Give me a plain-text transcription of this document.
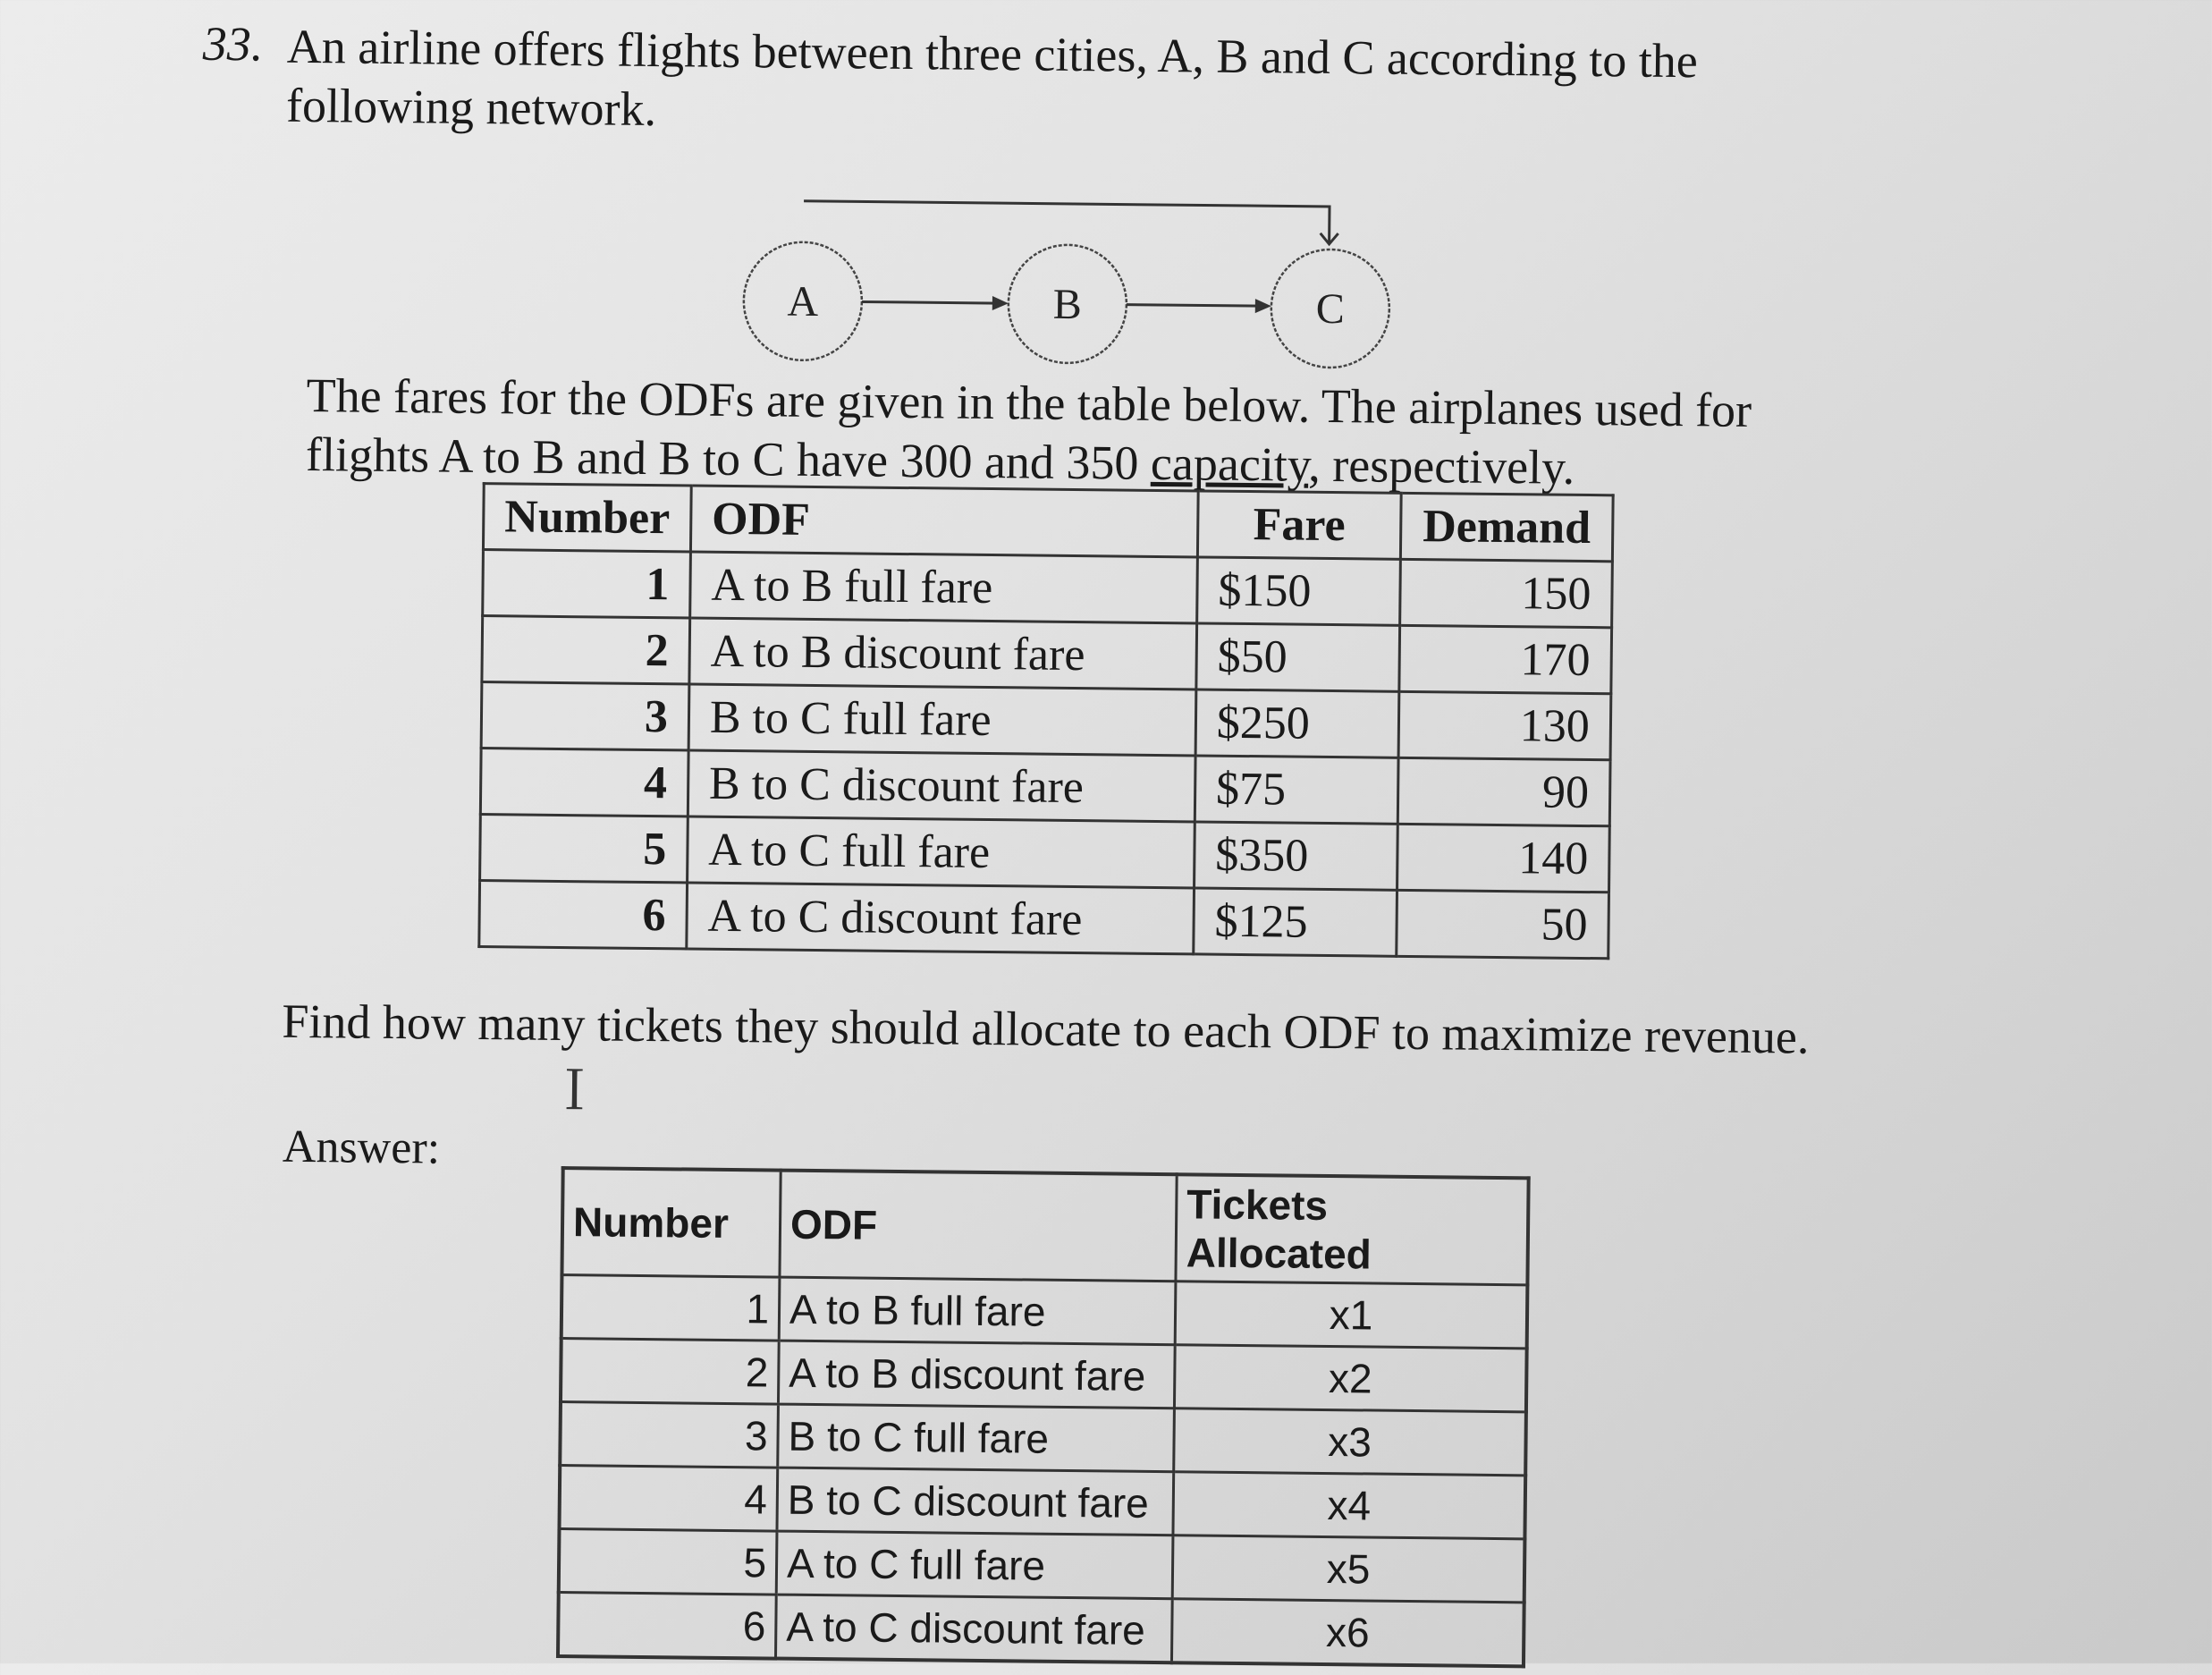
33. An airline offers flights between three cities, A, B and C according to the following network.
A	B	C
The fares for the ODFs are given in the table below. The airplanes used for flights A to B and B to C have 300 and 350 capacity, respectively.
Number	ODF	Fare	Demand
1	A to B full fare	$150	150
2	A to B discount fare	$50	170
3	B to C full fare	$250	130
4	B to C discount fare	$75	90
5	A to C full fare	$350	140
6	A to C discount fare	$125	50
Find how many tickets they should allocate to each ODF to maximize revenue.
Ｉ
Answer:
Number	ODF	Tickets Allocated
1	A to B full fare	x1
2	A to B discount fare	x2
3	B to C full fare	x3
4	B to C discount fare	x4
5	A to C full fare	x5
6	A to C discount fare	x6
